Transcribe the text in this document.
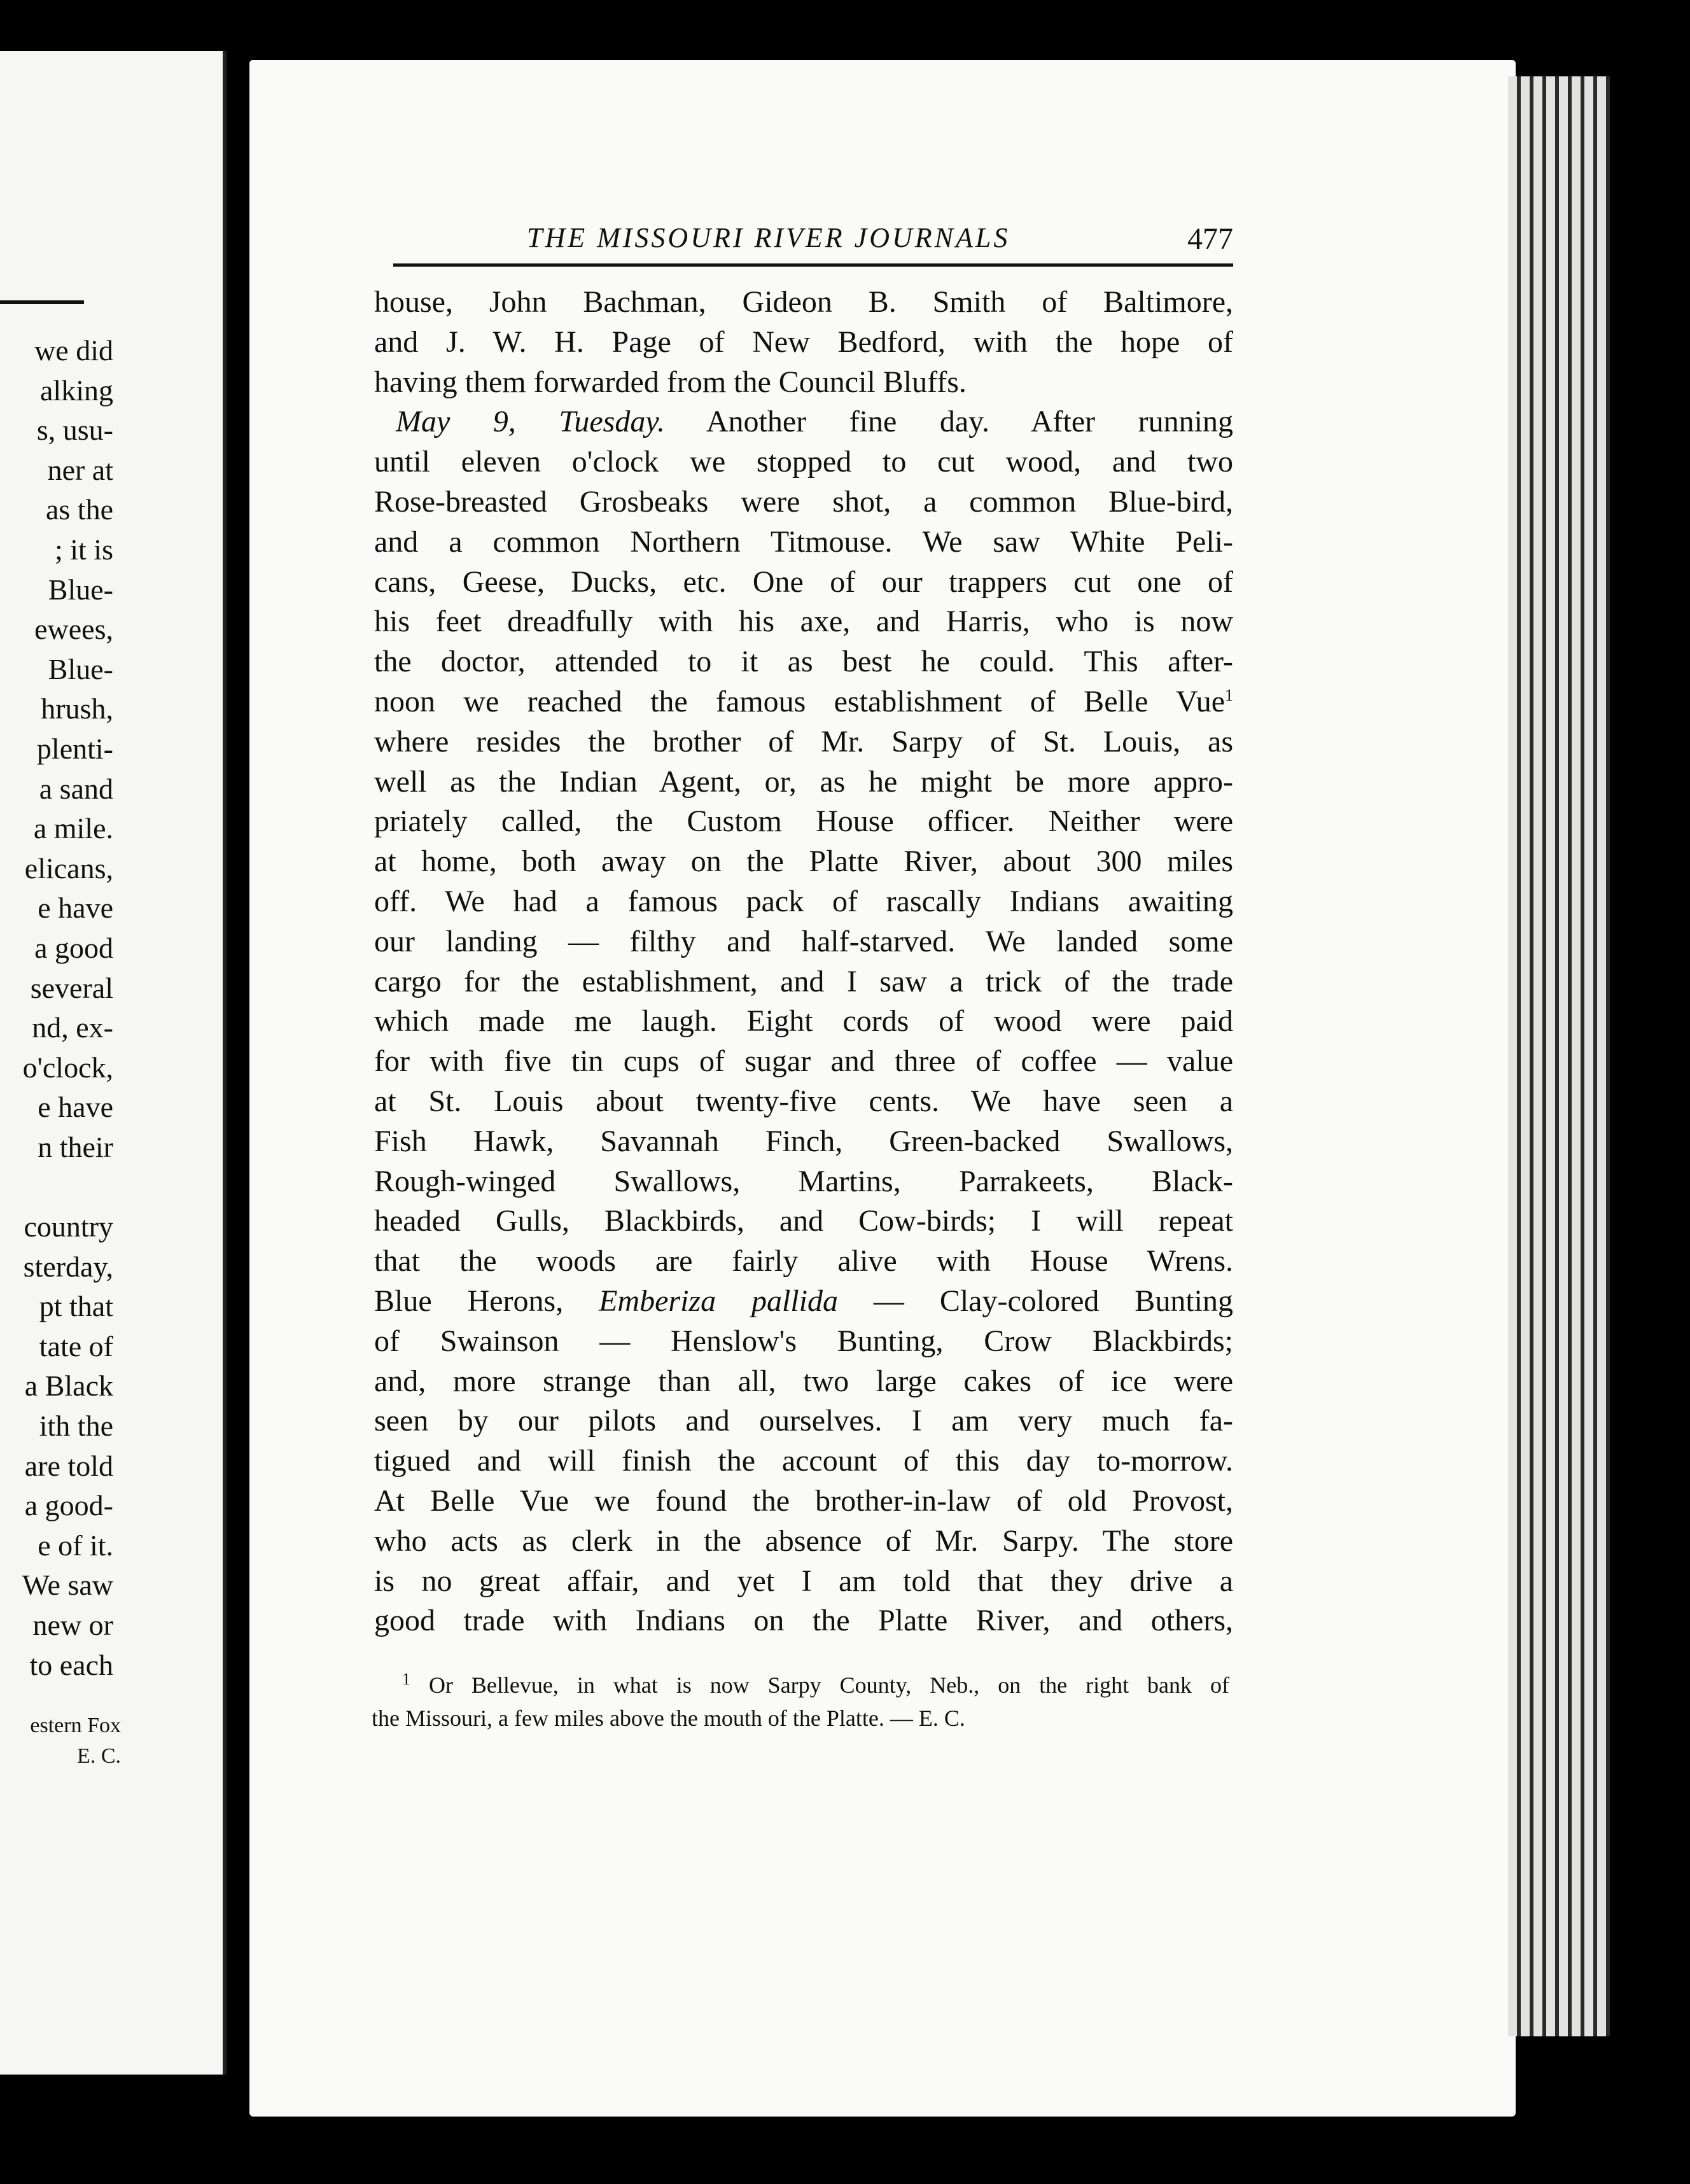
we did
alking
s, usu-
ner at
as the
; it is
Blue-
ewees,
Blue-
hrush,
plenti-
a sand
a mile.
elicans,
e have
a good
several
nd, ex-
o'clock,
e have
n their

country
sterday,
pt that
tate of
a Black
ith the
are told
a good-
e of it.
We saw
new or
to each
estern Fox
E. C.
THE MISSOURI RIVER JOURNALS	477
house, John Bachman, Gideon B. Smith of Baltimore,
and J. W. H. Page of New Bedford, with the hope of
having them forwarded from the Council Bluffs.
May 9, Tuesday. Another fine day. After running
until eleven o'clock we stopped to cut wood, and two
Rose-breasted Grosbeaks were shot, a common Blue-bird,
and a common Northern Titmouse. We saw White Peli-
cans, Geese, Ducks, etc. One of our trappers cut one of
his feet dreadfully with his axe, and Harris, who is now
the doctor, attended to it as best he could. This after-
noon we reached the famous establishment of Belle Vue$^1$
where resides the brother of Mr. Sarpy of St. Louis, as
well as the Indian Agent, or, as he might be more appro-
priately called, the Custom House officer. Neither were
at home, both away on the Platte River, about 300 miles
off. We had a famous pack of rascally Indians awaiting
our landing — filthy and half-starved. We landed some
cargo for the establishment, and I saw a trick of the trade
which made me laugh. Eight cords of wood were paid
for with five tin cups of sugar and three of coffee — value
at St. Louis about twenty-five cents. We have seen a
Fish Hawk, Savannah Finch, Green-backed Swallows,
Rough-winged Swallows, Martins, Parrakeets, Black-
headed Gulls, Blackbirds, and Cow-birds; I will repeat
that the woods are fairly alive with House Wrens.
Blue Herons, Emberiza pallida — Clay-colored Bunting
of Swainson — Henslow's Bunting, Crow Blackbirds;
and, more strange than all, two large cakes of ice were
seen by our pilots and ourselves. I am very much fa-
tigued and will finish the account of this day to-morrow.
At Belle Vue we found the brother-in-law of old Provost,
who acts as clerk in the absence of Mr. Sarpy. The store
is no great affair, and yet I am told that they drive a
good trade with Indians on the Platte River, and others,
$^1$ Or Bellevue, in what is now Sarpy County, Neb., on the right bank of
the Missouri, a few miles above the mouth of the Platte. — E. C.
